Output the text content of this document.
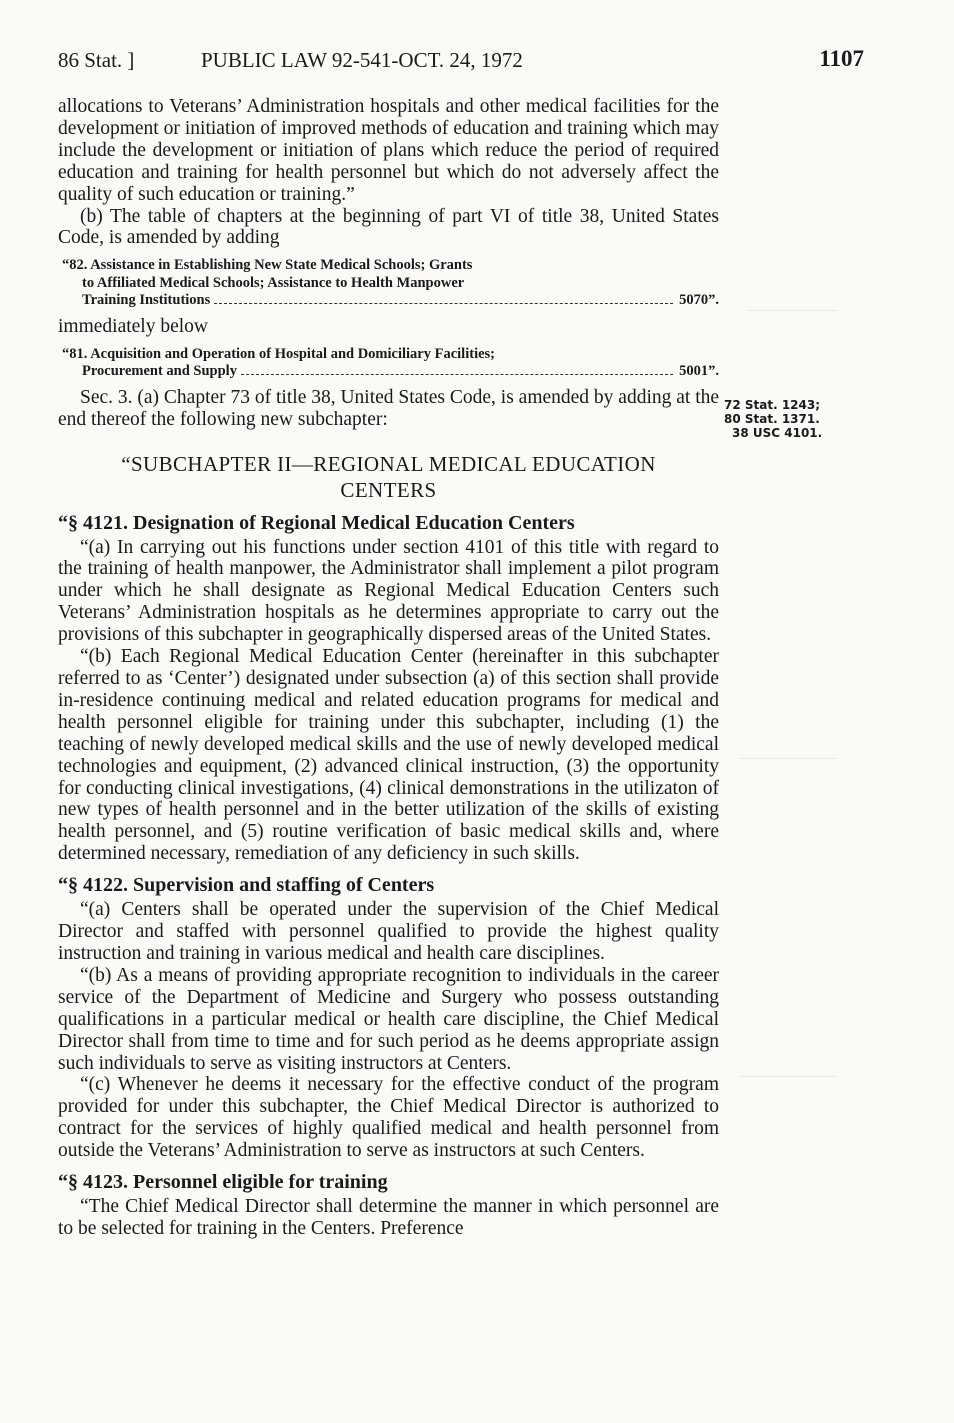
86 Stat. ]	PUBLIC LAW 92-541-OCT. 24, 1972	1107

allocations to Veterans’ Administration hospitals and other medical facilities for the development or initiation of improved methods of education and training which may include the development or initiation of plans which reduce the period of required education and training for health personnel but which do not adversely affect the quality of such education or training.”

(b) The table of chapters at the beginning of part VI of title 38, United States Code, is amended by adding

“82. Assistance in Establishing New State Medical Schools; Grants
to Affiliated Medical Schools; Assistance to Health Manpower
Training Institutions	5070”.

immediately below

“81. Acquisition and Operation of Hospital and Domiciliary Facilities;
Procurement and Supply	5001”.

Sec. 3. (a) Chapter 73 of title 38, United States Code, is amended by adding at the end thereof the following new subchapter:

“SUBCHAPTER II—REGIONAL MEDICAL EDUCATION
CENTERS
“§ 4121. Designation of Regional Medical Education Centers

“(a) In carrying out his functions under section 4101 of this title with regard to the training of health manpower, the Administrator shall implement a pilot program under which he shall designate as Regional Medical Education Centers such Veterans’ Administration hospitals as he determines appropriate to carry out the provisions of this subchapter in geographically dispersed areas of the United States.

“(b) Each Regional Medical Education Center (hereinafter in this subchapter referred to as ‘Center’) designated under subsection (a) of this section shall provide in-residence continuing medical and related education programs for medical and health personnel eligible for training under this subchapter, including (1) the teaching of newly developed medical skills and the use of newly developed medical technologies and equipment, (2) advanced clinical instruction, (3) the opportunity for conducting clinical investigations, (4) clinical demonstrations in the utilizaton of new types of health personnel and in the better utilization of the skills of existing health personnel, and (5) routine verification of basic medical skills and, where determined necessary, remediation of any deficiency in such skills.

“§ 4122. Supervision and staffing of Centers

“(a) Centers shall be operated under the supervision of the Chief Medical Director and staffed with personnel qualified to provide the highest quality instruction and training in various medical and health care disciplines.

“(b) As a means of providing appropriate recognition to individuals in the career service of the Department of Medicine and Surgery who possess outstanding qualifications in a particular medical or health care discipline, the Chief Medical Director shall from time to time and for such period as he deems appropriate assign such individuals to serve as visiting instructors at Centers.

“(c) Whenever he deems it necessary for the effective conduct of the program provided for under this subchapter, the Chief Medical Director is authorized to contract for the services of highly qualified medical and health personnel from outside the Veterans’ Administration to serve as instructors at such Centers.

“§ 4123. Personnel eligible for training

“The Chief Medical Director shall determine the manner in which personnel are to be selected for training in the Centers. Preference

72 Stat. 1243;
80 Stat. 1371.
38 USC 4101.
